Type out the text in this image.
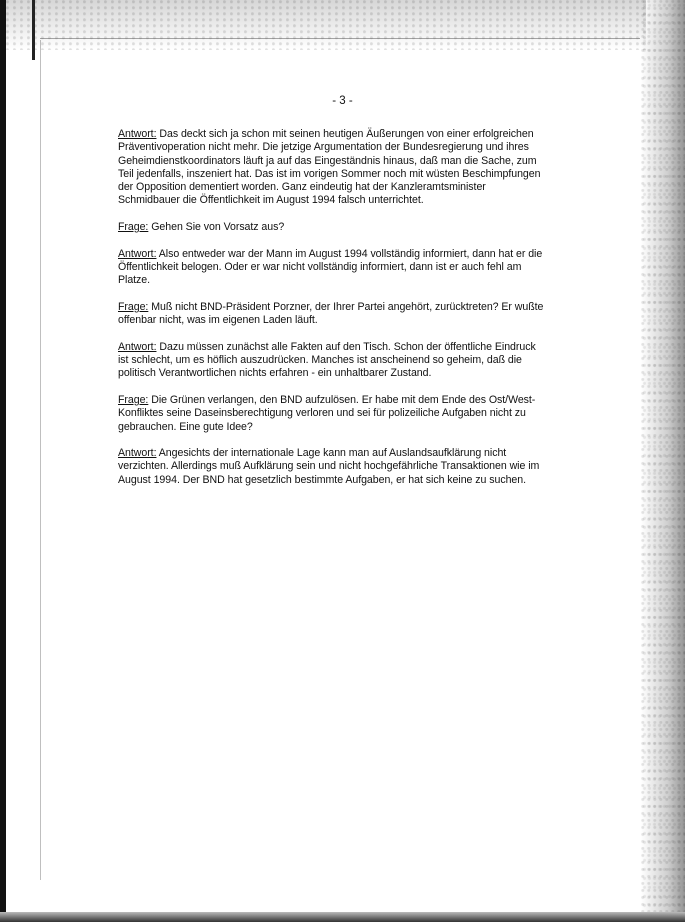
- 3 -

Antwort: Das deckt sich ja schon mit seinen heutigen Äußerungen von einer erfolgreichen Präventivoperation nicht mehr. Die jetzige Argumentation der Bundesregierung und ihres Geheimdienstkoordinators läuft ja auf das Eingeständnis hinaus, daß man die Sache, zum Teil jedenfalls, inszeniert hat. Das ist im vorigen Sommer noch mit wüsten Beschimpfungen der Opposition dementiert worden. Ganz eindeutig hat der Kanzleramtsminister Schmidbauer die Öffentlichkeit im August 1994 falsch unterrichtet.

Frage: Gehen Sie von Vorsatz aus?

Antwort: Also entweder war der Mann im August 1994 vollständig informiert, dann hat er die Öffentlichkeit belogen. Oder er war nicht vollständig informiert, dann ist er auch fehl am Platze.

Frage: Muß nicht BND-Präsident Porzner, der Ihrer Partei angehört, zurücktreten? Er wußte offenbar nicht, was im eigenen Laden läuft.

Antwort: Dazu müssen zunächst alle Fakten auf den Tisch. Schon der öffentliche Eindruck ist schlecht, um es höflich auszudrücken. Manches ist anscheinend so geheim, daß die politisch Verantwortlichen nichts erfahren - ein unhaltbarer Zustand.

Frage: Die Grünen verlangen, den BND aufzulösen. Er habe mit dem Ende des Ost/West-Konfliktes seine Daseinsberechtigung verloren und sei für polizeiliche Aufgaben nicht zu gebrauchen. Eine gute Idee?

Antwort: Angesichts der internationale Lage kann man auf Auslandsaufklärung nicht verzichten. Allerdings muß Aufklärung sein und nicht hochgefährliche Transaktionen wie im August 1994. Der BND hat gesetzlich bestimmte Aufgaben, er hat sich keine zu suchen.
